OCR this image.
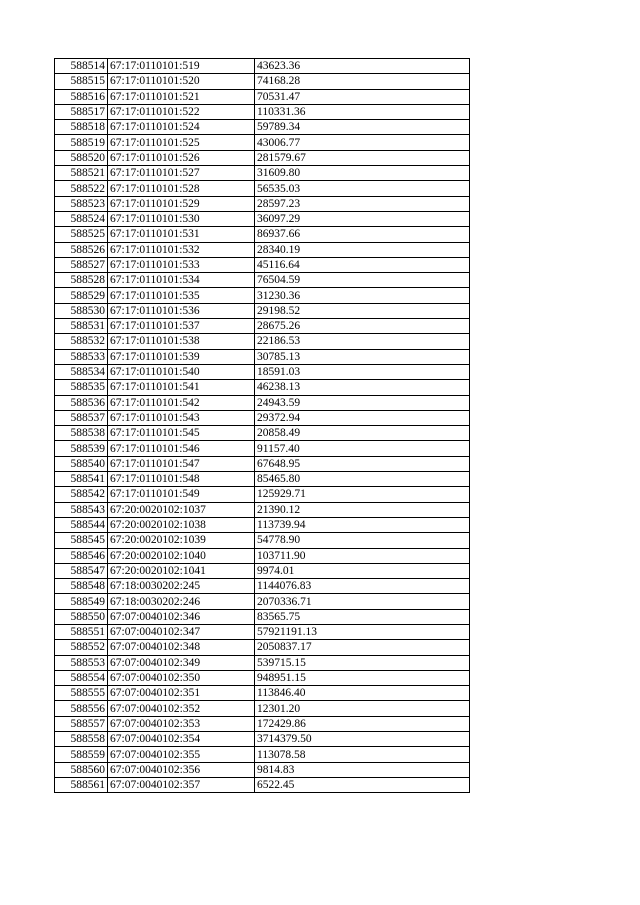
588514	67:17:0110101:519	43623.36
588515	67:17:0110101:520	74168.28
588516	67:17:0110101:521	70531.47
588517	67:17:0110101:522	110331.36
588518	67:17:0110101:524	59789.34
588519	67:17:0110101:525	43006.77
588520	67:17:0110101:526	281579.67
588521	67:17:0110101:527	31609.80
588522	67:17:0110101:528	56535.03
588523	67:17:0110101:529	28597.23
588524	67:17:0110101:530	36097.29
588525	67:17:0110101:531	86937.66
588526	67:17:0110101:532	28340.19
588527	67:17:0110101:533	45116.64
588528	67:17:0110101:534	76504.59
588529	67:17:0110101:535	31230.36
588530	67:17:0110101:536	29198.52
588531	67:17:0110101:537	28675.26
588532	67:17:0110101:538	22186.53
588533	67:17:0110101:539	30785.13
588534	67:17:0110101:540	18591.03
588535	67:17:0110101:541	46238.13
588536	67:17:0110101:542	24943.59
588537	67:17:0110101:543	29372.94
588538	67:17:0110101:545	20858.49
588539	67:17:0110101:546	91157.40
588540	67:17:0110101:547	67648.95
588541	67:17:0110101:548	85465.80
588542	67:17:0110101:549	125929.71
588543	67:20:0020102:1037	21390.12
588544	67:20:0020102:1038	113739.94
588545	67:20:0020102:1039	54778.90
588546	67:20:0020102:1040	103711.90
588547	67:20:0020102:1041	9974.01
588548	67:18:0030202:245	1144076.83
588549	67:18:0030202:246	2070336.71
588550	67:07:0040102:346	83565.75
588551	67:07:0040102:347	57921191.13
588552	67:07:0040102:348	2050837.17
588553	67:07:0040102:349	539715.15
588554	67:07:0040102:350	948951.15
588555	67:07:0040102:351	113846.40
588556	67:07:0040102:352	12301.20
588557	67:07:0040102:353	172429.86
588558	67:07:0040102:354	3714379.50
588559	67:07:0040102:355	113078.58
588560	67:07:0040102:356	9814.83
588561	67:07:0040102:357	6522.45
